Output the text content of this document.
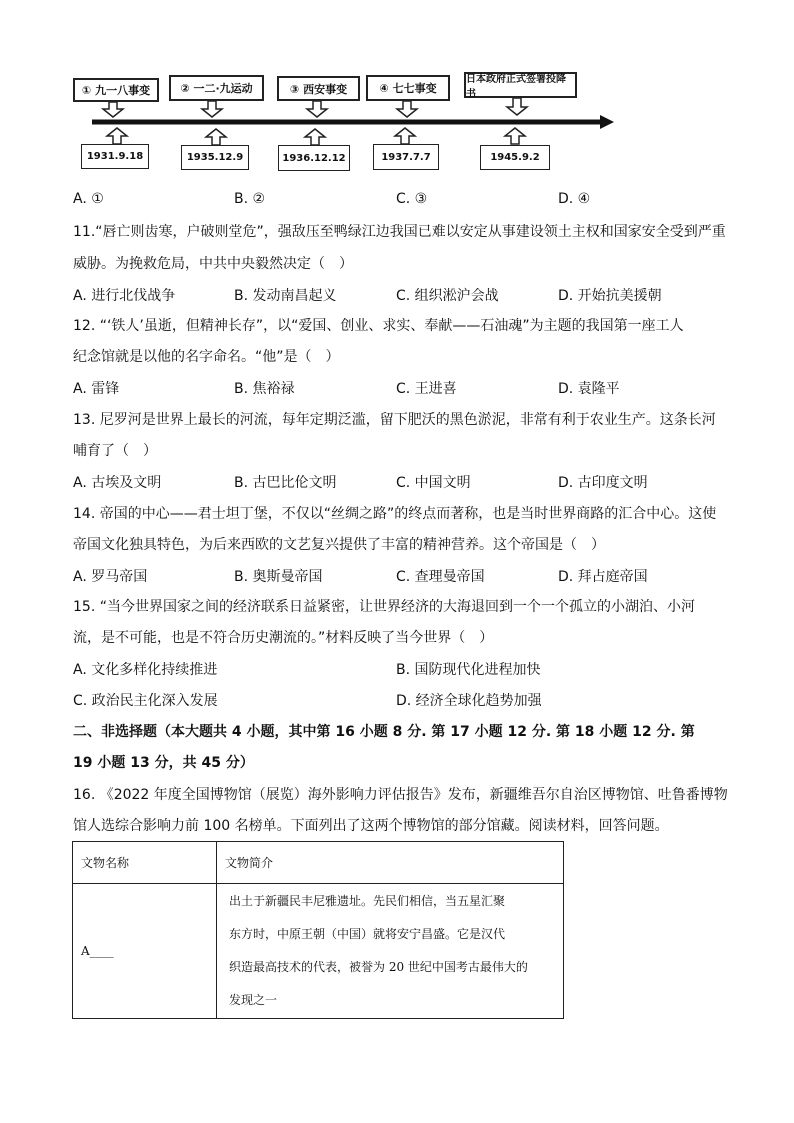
① 九一八事变	② 一二·九运动	③ 西安事变	④ 七七事变
日本政府正式签署投降书
1931.9.18	1935.12.9	1936.12.12	1937.7.7	1945.9.2
A. ①	B. ②	C. ③	D. ④
11.“唇亡则齿寒，户破则堂危”，强敌压至鸭绿江边我国已难以安定从事建设领土主权和国家安全受到严重
威胁。为挽救危局，中共中央毅然决定（　）
A. 进行北伐战争	B. 发动南昌起义	C. 组织淞沪会战	D. 开始抗美援朝
12. “‘铁人’虽逝，但精神长存”，以“爱国、创业、求实、奉献——石油魂”为主题的我国第一座工人
纪念馆就是以他的名字命名。“他”是（　）
A. 雷锋	B. 焦裕禄	C. 王进喜	D. 袁隆平
13. 尼罗河是世界上最长的河流，每年定期泛滥，留下肥沃的黑色淤泥，非常有利于农业生产。这条长河
哺育了（　）
A. 古埃及文明	B. 古巴比伦文明	C. 中国文明	D. 古印度文明
14. 帝国的中心——君士坦丁堡，不仅以“丝绸之路”的终点而著称，也是当时世界商路的汇合中心。这使
帝国文化独具特色，为后来西欧的文艺复兴提供了丰富的精神营养。这个帝国是（　）
A. 罗马帝国	B. 奥斯曼帝国	C. 查理曼帝国	D. 拜占庭帝国
15. “当今世界国家之间的经济联系日益紧密，让世界经济的大海退回到一个一个孤立的小湖泊、小河
流，是不可能，也是不符合历史潮流的。”材料反映了当今世界（　）
A. 文化多样化持续推进	B. 国防现代化进程加快
C. 政治民主化深入发展	D. 经济全球化趋势加强
二、非选择题（本大题共 4 小题，其中第 16 小题 8 分. 第 17 小题 12 分. 第 18 小题 12 分. 第
19 小题 13 分，共 45 分）
16. 《2022 年度全国博物馆（展览）海外影响力评估报告》发布，新疆维吾尔自治区博物馆、吐鲁番博物
馆人选综合影响力前 100 名榜单。下面列出了这两个博物馆的部分馆藏。阅读材料，回答问题。
文物名称	文物简介
A____	出土于新疆民丰尼雅遗址。先民们相信，当五星汇聚
东方时，中原王朝（中国）就将安宁昌盛。它是汉代
织造最高技术的代表，被誉为 20 世纪中国考古最伟大的
发现之一
